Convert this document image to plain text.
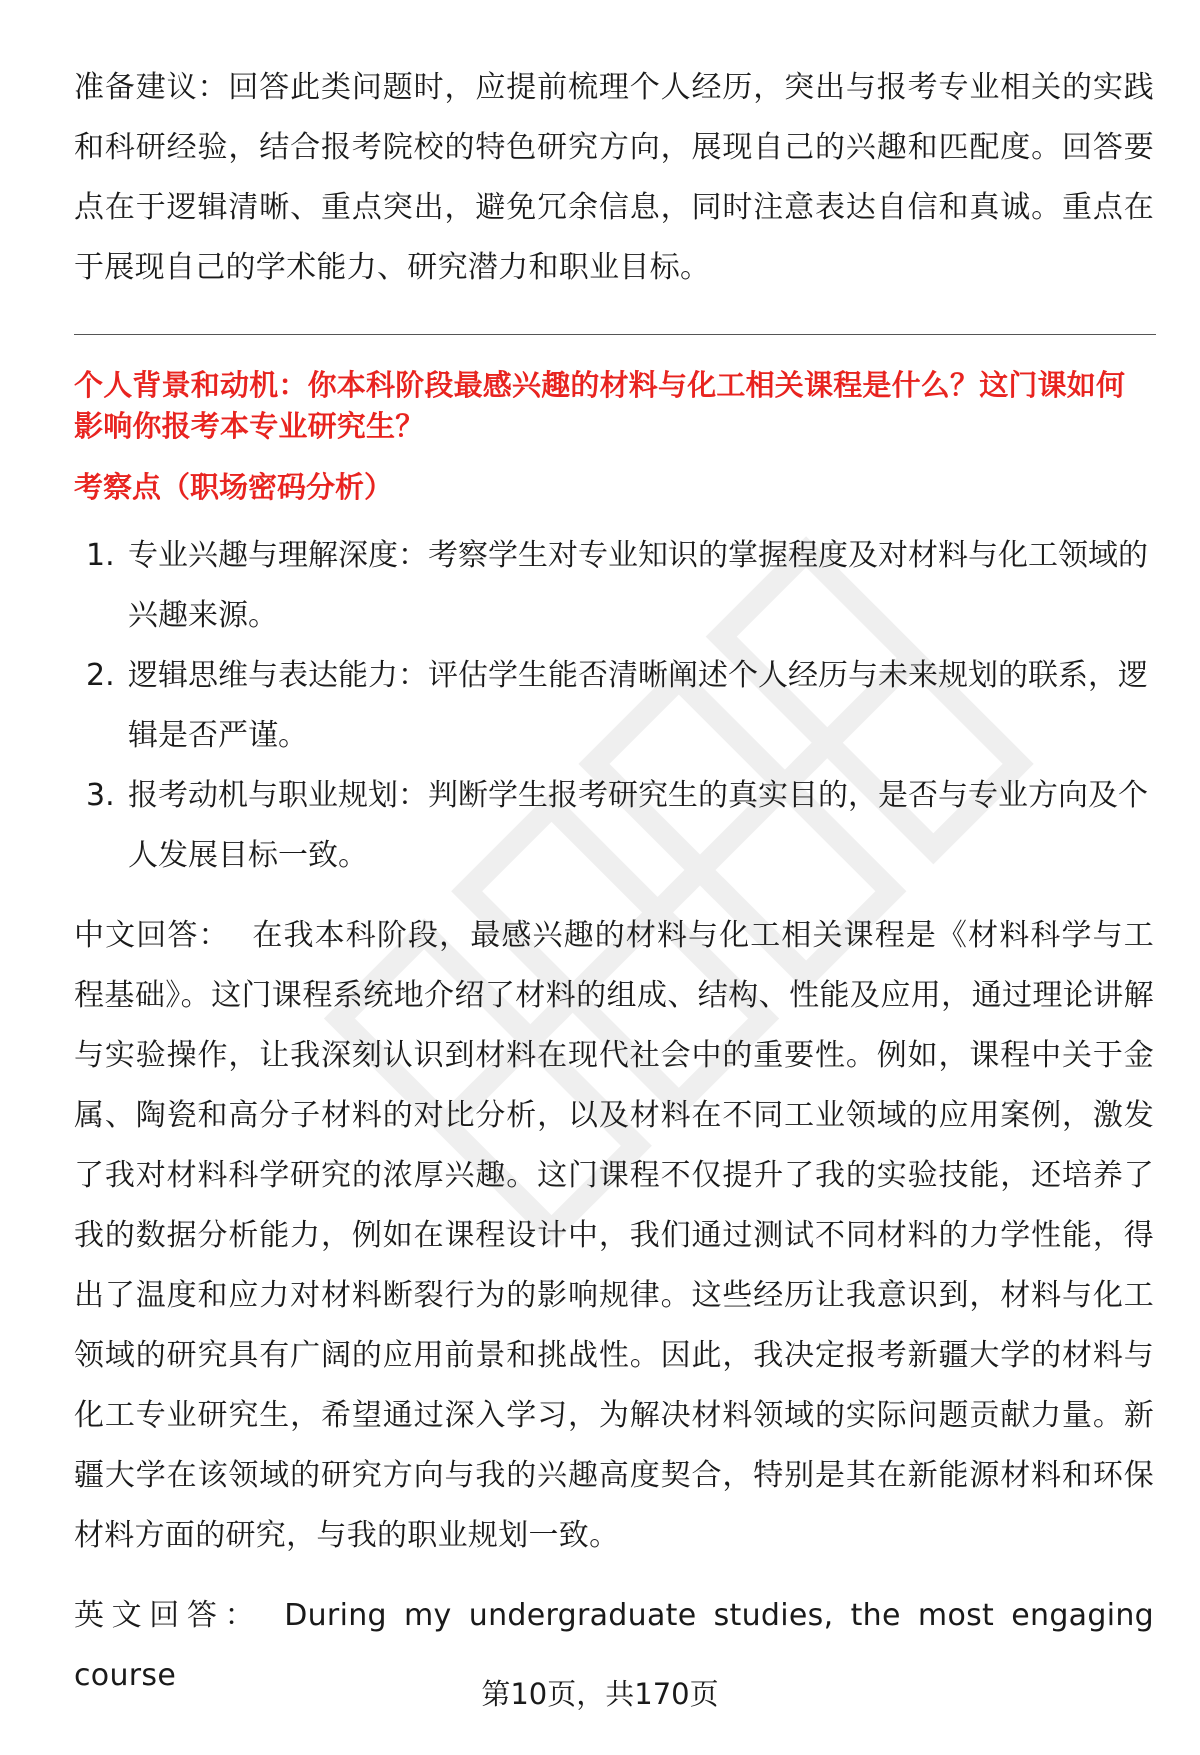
准备建议：回答此类问题时，应提前梳理个人经历，突出与报考专业相关的实践和科研经验，结合报考院校的特色研究方向，展现自己的兴趣和匹配度。回答要点在于逻辑清晰、重点突出，避免冗余信息，同时注意表达自信和真诚。重点在于展现自己的学术能力、研究潜力和职业目标。

个人背景和动机：你本科阶段最感兴趣的材料与化工相关课程是什么？这门课如何影响你报考本专业研究生？

考察点（职场密码分析）

1. 专业兴趣与理解深度：考察学生对专业知识的掌握程度及对材料与化工领域的兴趣来源。
2. 逻辑思维与表达能力：评估学生能否清晰阐述个人经历与未来规划的联系，逻辑是否严谨。
3. 报考动机与职业规划：判断学生报考研究生的真实目的，是否与专业方向及个人发展目标一致。

中文回答： 在我本科阶段，最感兴趣的材料与化工相关课程是《材料科学与工程基础》。这门课程系统地介绍了材料的组成、结构、性能及应用，通过理论讲解与实验操作，让我深刻认识到材料在现代社会中的重要性。例如，课程中关于金属、陶瓷和高分子材料的对比分析，以及材料在不同工业领域的应用案例，激发了我对材料科学研究的浓厚兴趣。这门课程不仅提升了我的实验技能，还培养了我的数据分析能力，例如在课程设计中，我们通过测试不同材料的力学性能，得出了温度和应力对材料断裂行为的影响规律。这些经历让我意识到，材料与化工领域的研究具有广阔的应用前景和挑战性。因此，我决定报考新疆大学的材料与化工专业研究生，希望通过深入学习，为解决材料领域的实际问题贡献力量。新疆大学在该领域的研究方向与我的兴趣高度契合，特别是其在新能源材料和环保材料方面的研究，与我的职业规划一致。

英文回答： During my undergraduate studies, the most engaging course

第10页，共170页
